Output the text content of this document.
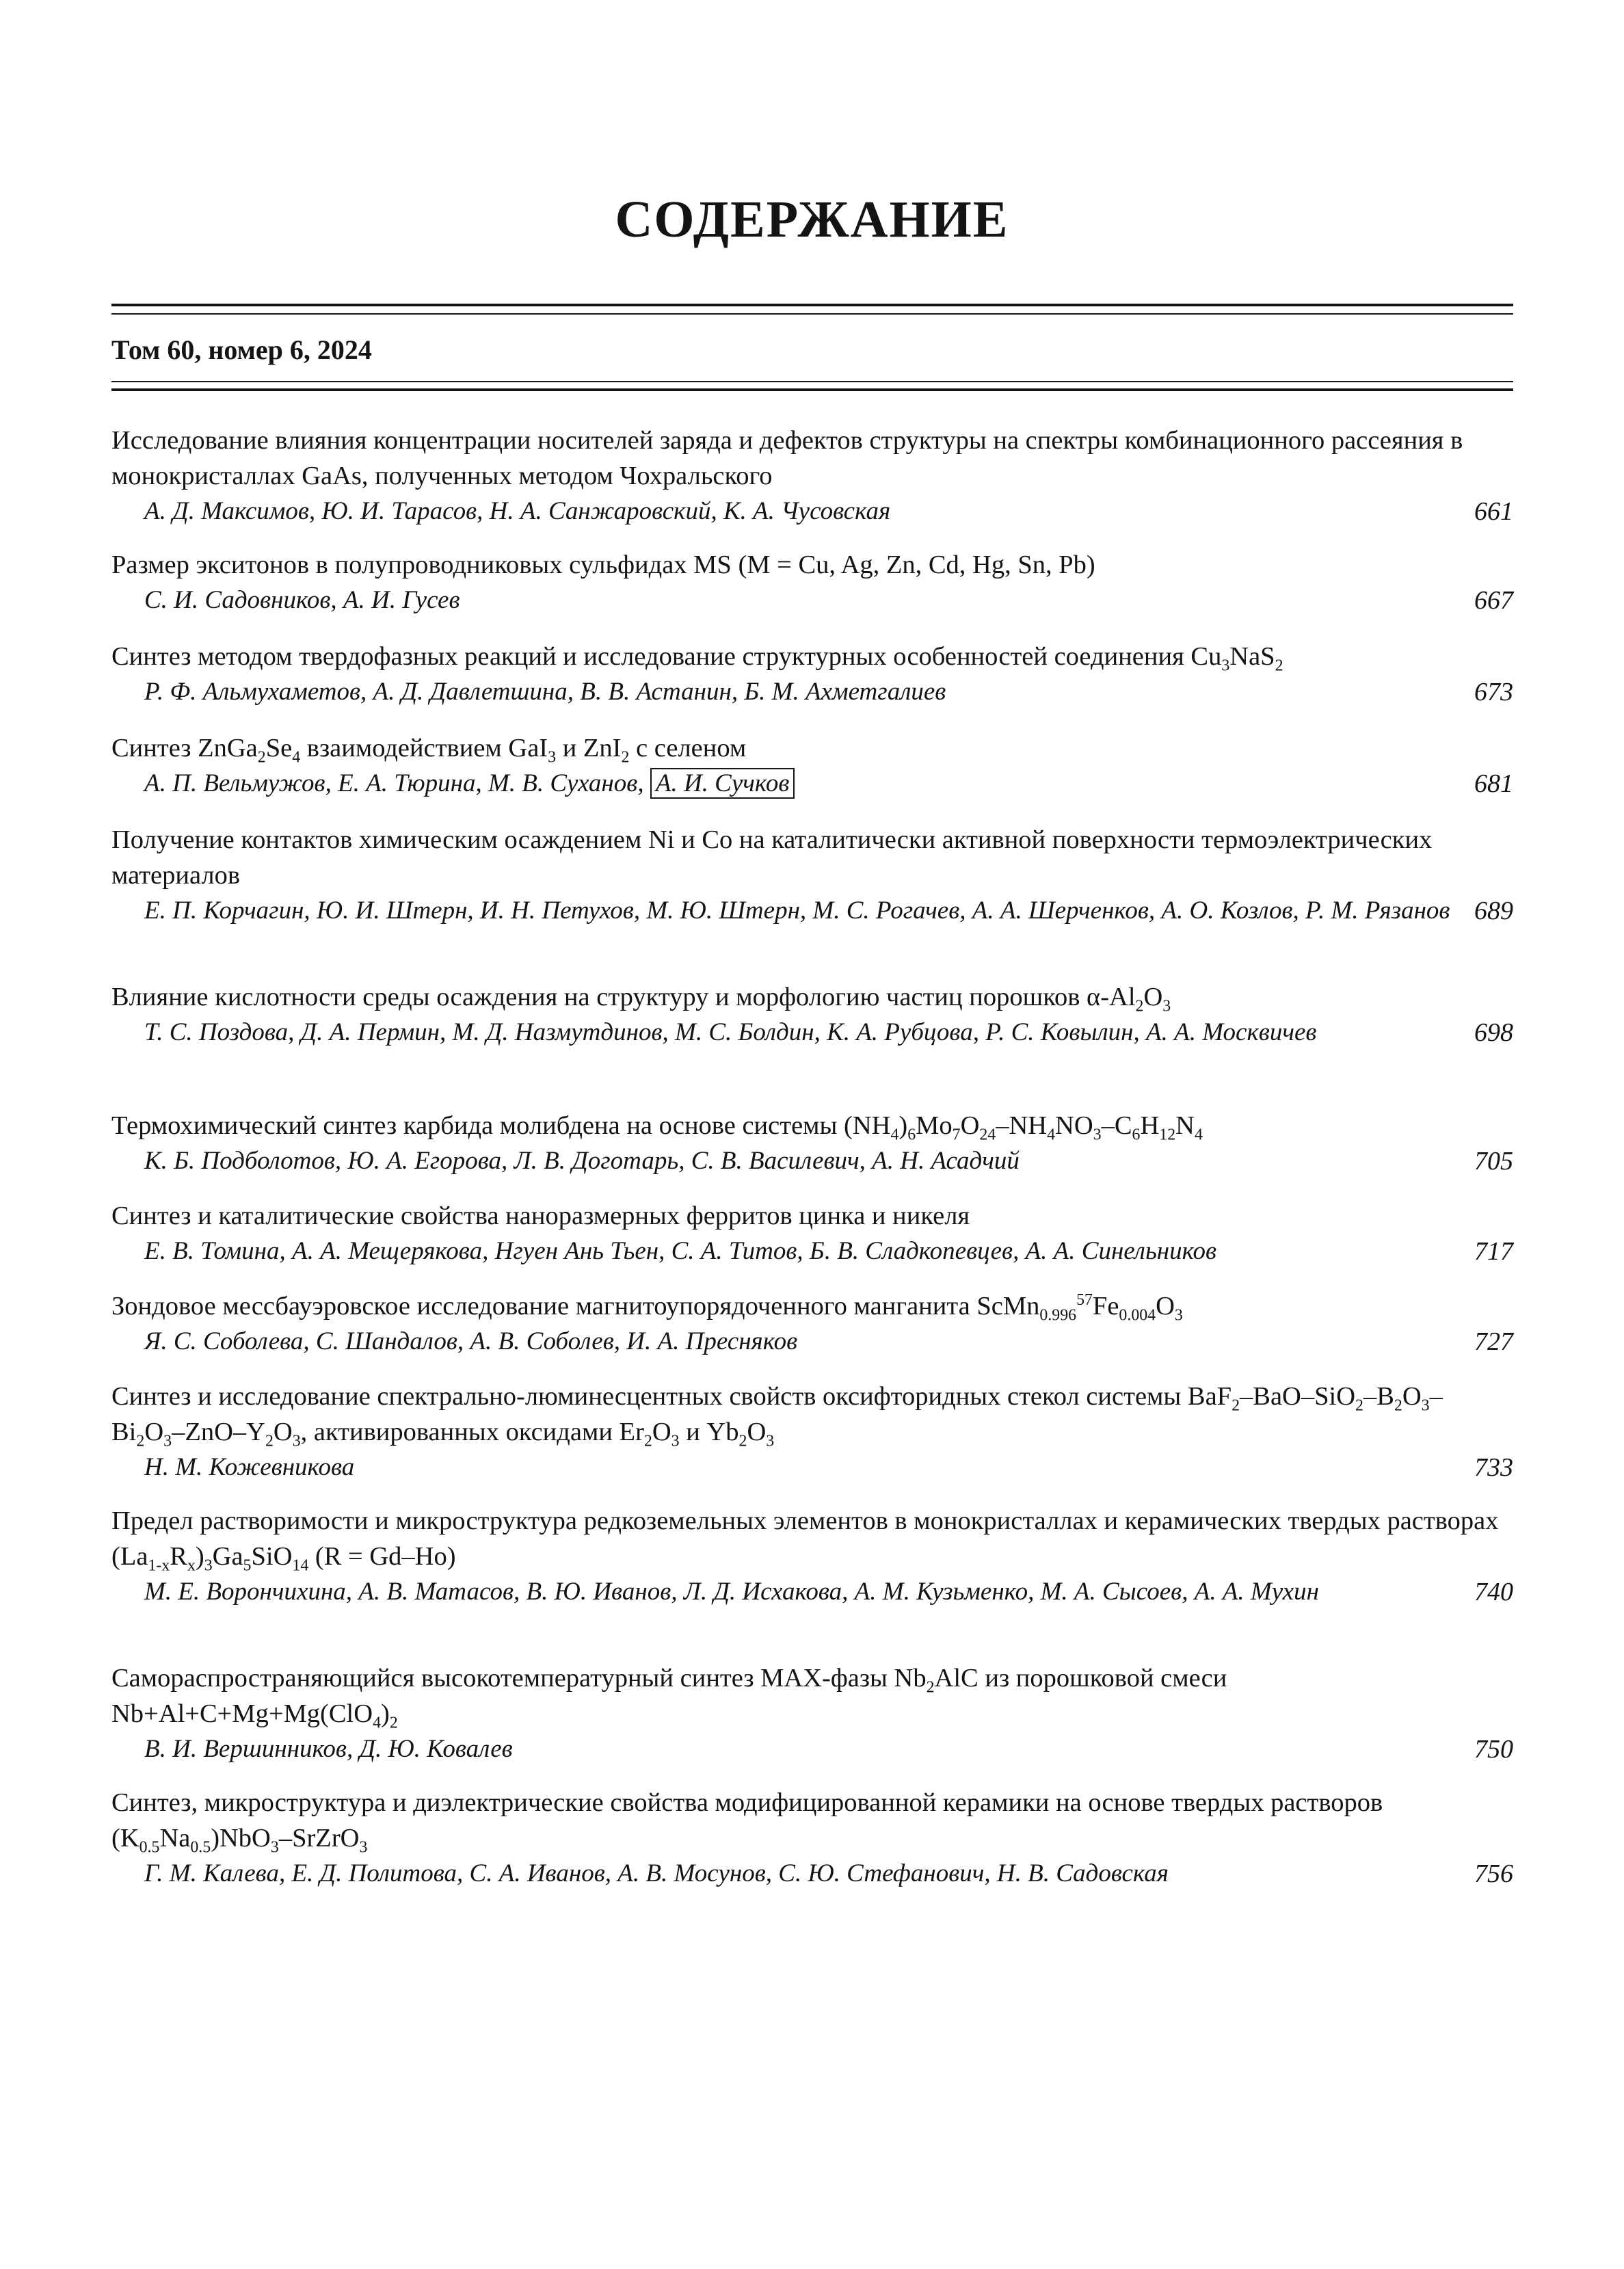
СОДЕРЖАНИЕ
Том 60, номер 6, 2024
Исследование влияния концентрации носителей заряда и дефектов структуры на спектры комбинационного рассеяния в монокристаллах GaAs, полученных методом Чохральского
А. Д. Максимов, Ю. И. Тарасов, Н. А. Санжаровский, К. А. Чусовская	661
Размер экситонов в полупроводниковых сульфидах MS (M = Cu, Ag, Zn, Cd, Hg, Sn, Pb)
С. И. Садовников, А. И. Гусев	667
Синтез методом твердофазных реакций и исследование структурных особенностей соединения $Cu_3NaS_2$
Р. Ф. Альмухаметов, А. Д. Давлетшина, В. В. Астанин, Б. М. Ахметгалиев	673
Синтез $ZnGa_2Se_4$ взаимодействием GaI$_3$ и ZnI$_2$ с селеном
А. П. Вельмужов, Е. А. Тюрина, М. В. Суханов, А. И. Сучков	681
Получение контактов химическим осаждением Ni и Co на каталитически активной поверхности термоэлектрических материалов
Е. П. Корчагин, Ю. И. Штерн, И. Н. Петухов, М. Ю. Штерн, М. С. Рогачев, А. А. Шерченков, А. О. Козлов, Р. М. Рязанов 689
Влияние кислотности среды осаждения на структуру и морфологию частиц порошков $\alpha-Al_2O_3$
Т. С. Поздова, Д. А. Пермин, М. Д. Назмутдинов, М. С. Болдин, К. А. Рубцова, Р. С. Ковылин, А. А. Москвичев	698
Термохимический синтез карбида молибдена на основе системы $(NH_4)_6Mo_7O_{24}-NH_4NO_3-C_6H_{12}N_4$
К. Б. Подболотов, Ю. А. Егорова, Л. В. Доготарь, С. В. Василевич, А. Н. Асадчий	705
Синтез и каталитические свойства наноразмерных ферритов цинка и никеля
Е. В. Томина, А. А. Мещерякова, Нгуен Ань Тьен, С. А. Титов, Б. В. Сладкопевцев, А. А. Синельников	717
Зондовое мессбауэровское исследование магнитоупорядоченного манганита $ScMn_{0.996}^{57}Fe_{0.004}O_3$
Я. С. Соболева, С. Шандалов, А. В. Соболев, И. А. Пресняков	727
Синтез и исследование спектрально-люминесцентных свойств оксифторидных стекол системы $BaF_2-BaO-SiO_2-B_2O_3-Bi_2O_3-ZnO-Y_2O_3$, активированных оксидами $Er_2O_3$ и $Yb_2O_3$
Н. М. Кожевникова	733
Предел растворимости и микроструктура редкоземельных элементов в монокристаллах и керамических твердых растворах $(La_{1-x}R_x)_3Ga_5SiO_{14}$ (R = Gd–Ho)
М. Е. Ворончихина, А. В. Матасов, В. Ю. Иванов, Л. Д. Исхакова, А. М. Кузьменко, М. А. Сысоев, А. А. Мухин	740
Самораспространяющийся высокотемпературный синтез MAX-фазы $Nb_2AlC$ из порошковой смеси $Nb+Al+C+Mg+Mg(ClO_4)_2$
В. И. Вершинников, Д. Ю. Ковалев	750
Синтез, микроструктура и диэлектрические свойства модифицированной керамики на основе твердых растворов $(K_{0.5}Na_{0.5})NbO_3-SrZrO_3$
Г. М. Калева, Е. Д. Политова, С. А. Иванов, А. В. Мосунов, С. Ю. Стефанович, Н. В. Садовская	756
